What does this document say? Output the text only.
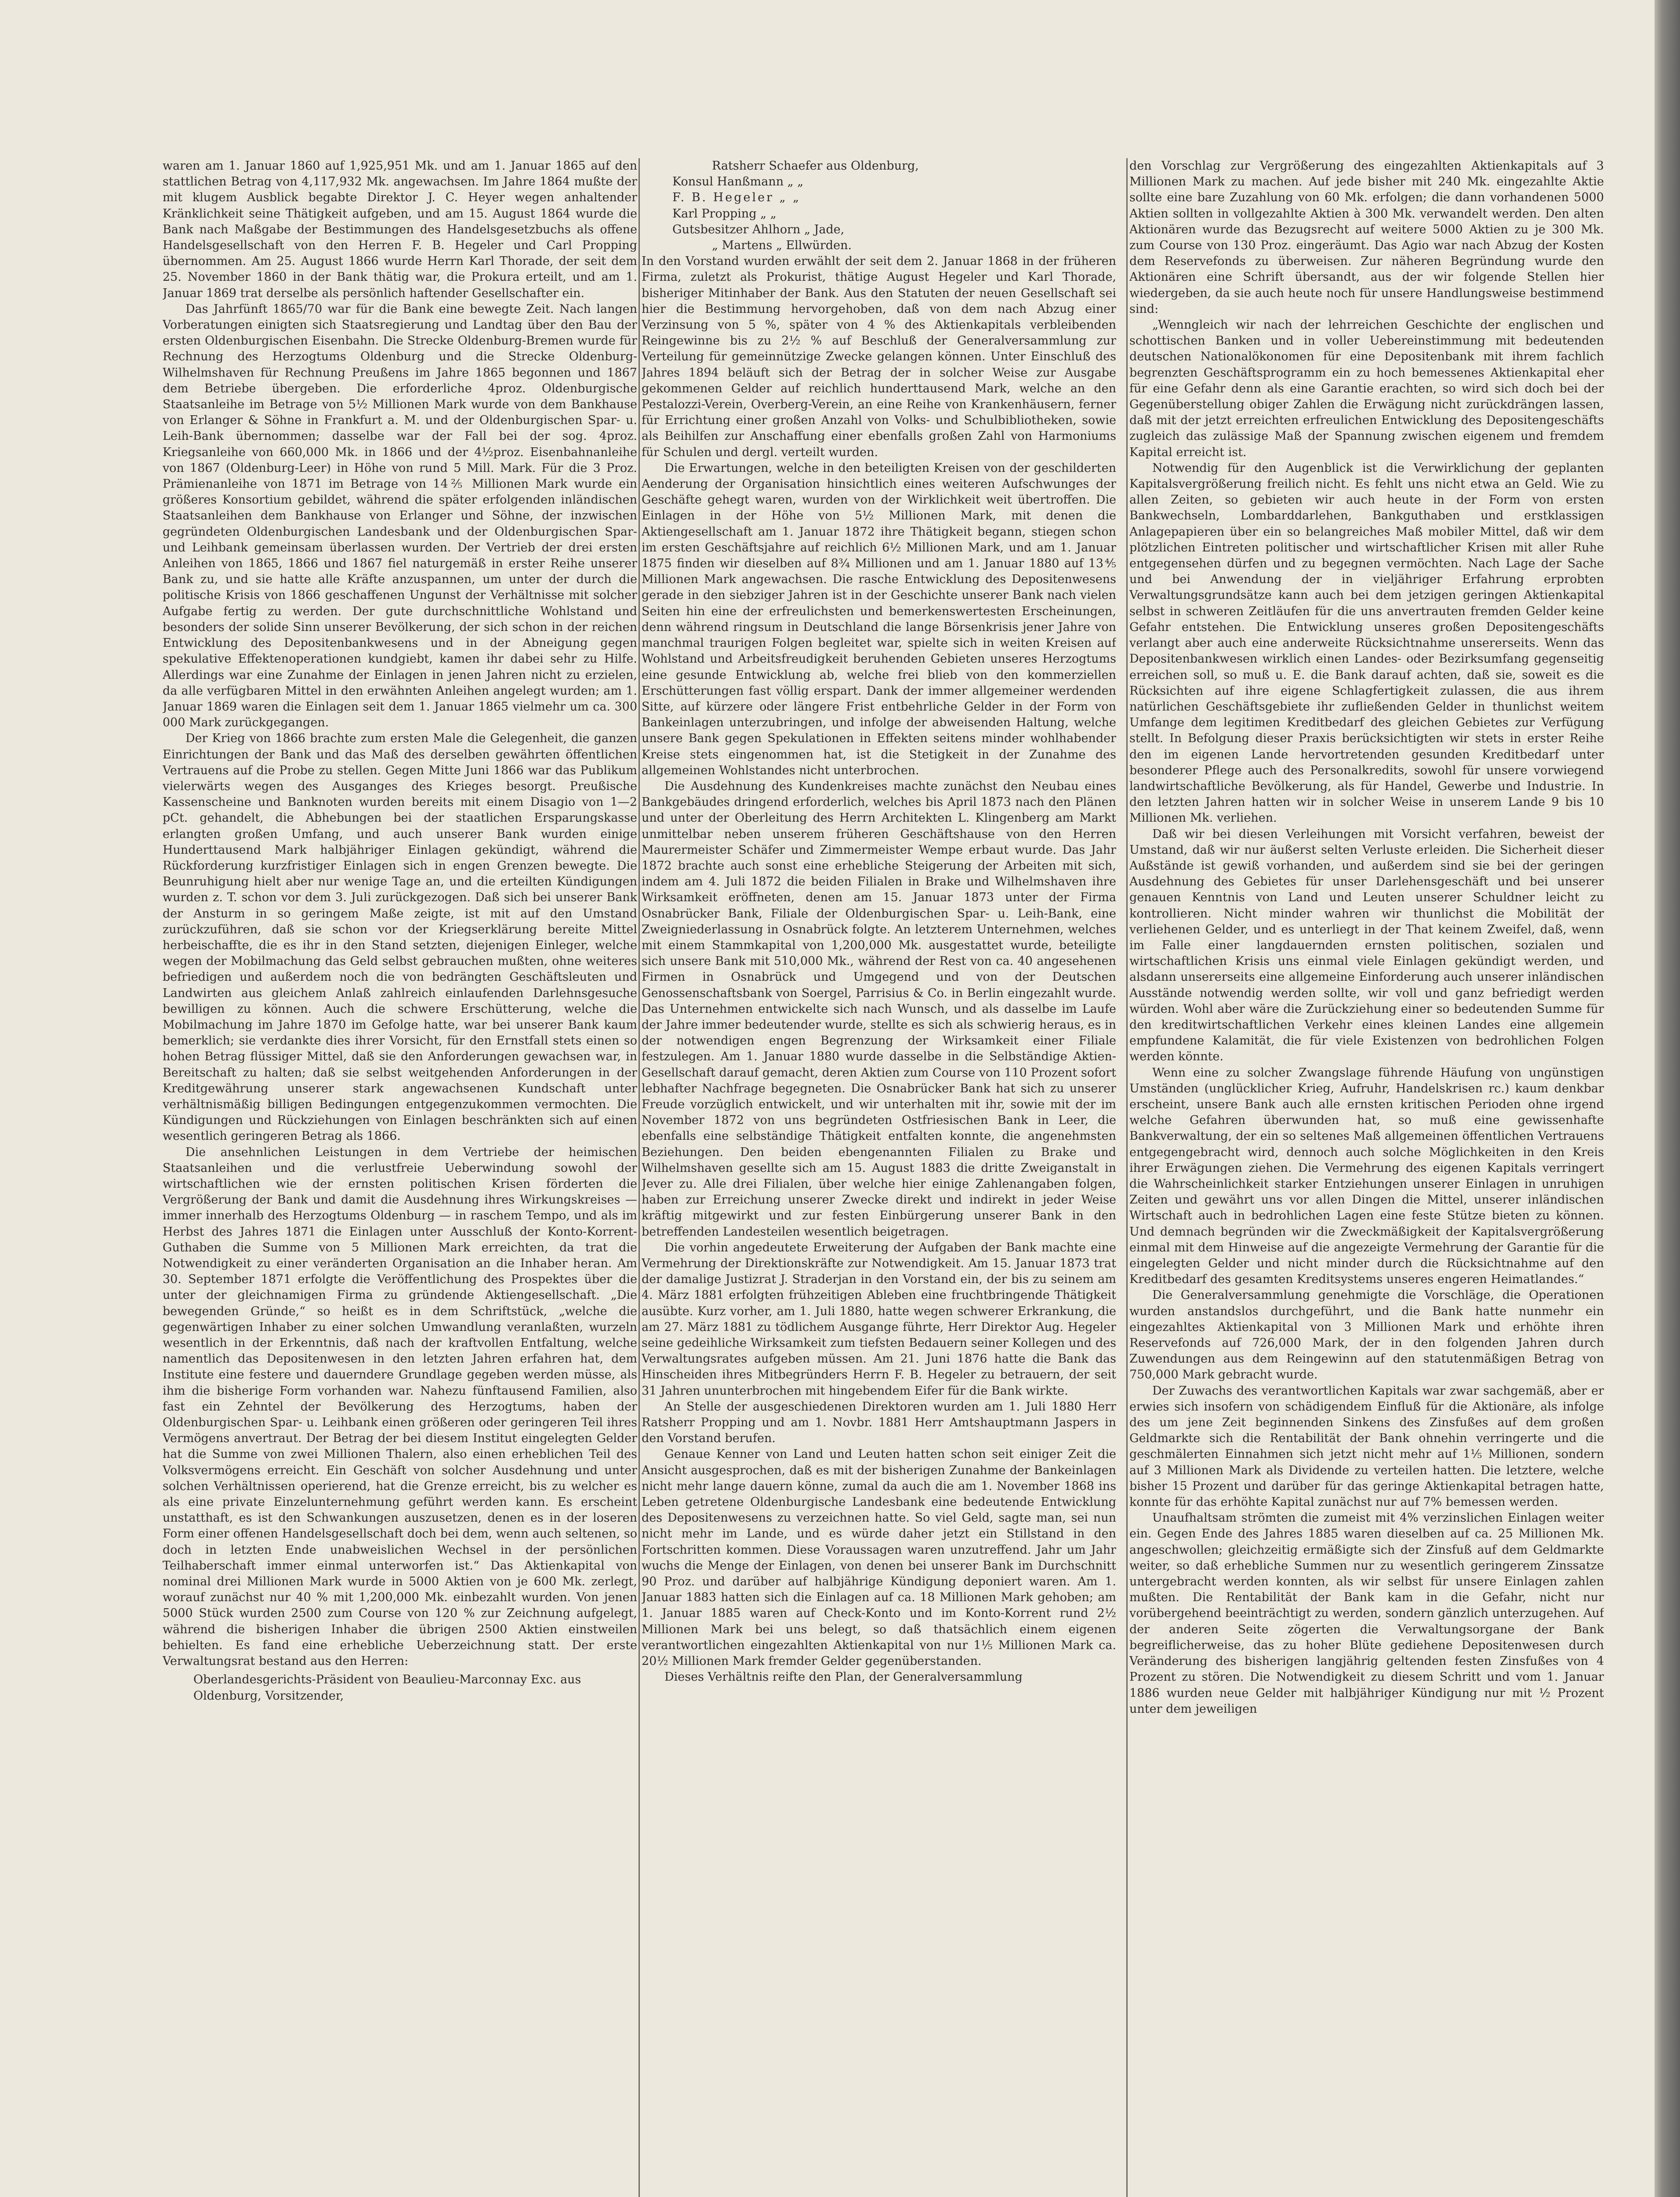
waren am 1. Januar 1860 auf 1,925,951 Mk. und am 1. Januar 1865 auf den stattlichen Betrag von 4,117,932 Mk. angewachsen. Im Jahre 1864 mußte der mit klugem Ausblick begabte Direktor J. C. Heyer wegen anhaltender Kränklichkeit seine Thätigkeit aufgeben, und am 15. August 1864 wurde die Bank nach Maßgabe der Bestimmungen des Handelsgesetzbuchs als offene Handelsgesellschaft von den Herren F. B. Hegeler und Carl Propping übernommen. Am 25. August 1866 wurde Herrn Karl Thorade, der seit dem 25. November 1860 in der Bank thätig war, die Prokura erteilt, und am 1. Januar 1869 trat derselbe als persönlich haftender Gesellschafter ein.

Das Jahrfünft 1865/70 war für die Bank eine bewegte Zeit. Nach langen Vorberatungen einigten sich Staatsregierung und Landtag über den Bau der ersten Oldenburgischen Eisenbahn. Die Strecke Oldenburg-Bremen wurde für Rechnung des Herzogtums Oldenburg und die Strecke Oldenburg-Wilhelmshaven für Rechnung Preußens im Jahre 1865 begonnen und 1867 dem Betriebe übergeben. Die erforderliche 4proz. Oldenburgische Staatsanleihe im Betrage von 5½ Millionen Mark wurde von dem Bankhause von Erlanger & Söhne in Frankfurt a. M. und der Oldenburgischen Spar- u. Leih-Bank übernommen; dasselbe war der Fall bei der sog. 4proz. Kriegsanleihe von 660,000 Mk. in 1866 und der 4½proz. Eisenbahnanleihe von 1867 (Oldenburg-Leer) in Höhe von rund 5 Mill. Mark. Für die 3 Proz. Prämienanleihe von 1871 im Betrage von 14⅖ Millionen Mark wurde ein größeres Konsortium gebildet, während die später erfolgenden inländischen Staatsanleihen dem Bankhause von Erlanger und Söhne, der inzwischen gegründeten Oldenburgischen Landesbank und der Oldenburgischen Spar- und Leihbank gemeinsam überlassen wurden. Der Vertrieb der drei ersten Anleihen von 1865, 1866 und 1867 fiel naturgemäß in erster Reihe unserer Bank zu, und sie hatte alle Kräfte anzuspannen, um unter der durch die politische Krisis von 1866 geschaffenen Ungunst der Verhältnisse mit solcher Aufgabe fertig zu werden. Der gute durchschnittliche Wohlstand und besonders der solide Sinn unserer Bevölkerung, der sich schon in der reichen Entwicklung des Depositenbankwesens und in der Abneigung gegen spekulative Effektenoperationen kundgiebt, kamen ihr dabei sehr zu Hilfe. Allerdings war eine Zunahme der Einlagen in jenen Jahren nicht zu erzielen, da alle verfügbaren Mittel in den erwähnten Anleihen angelegt wurden; am 1. Januar 1869 waren die Einlagen seit dem 1. Januar 1865 vielmehr um ca. 300 000 Mark zurückgegangen.

Der Krieg von 1866 brachte zum ersten Male die Gelegenheit, die ganzen Einrichtungen der Bank und das Maß des derselben gewährten öffentlichen Vertrauens auf die Probe zu stellen. Gegen Mitte Juni 1866 war das Publikum vielerwärts wegen des Ausganges des Krieges besorgt. Preußische Kassenscheine und Banknoten wurden bereits mit einem Disagio von 1—2 pCt. gehandelt, die Abhebungen bei der staatlichen Ersparungskasse erlangten großen Umfang, und auch unserer Bank wurden einige Hunderttausend Mark halbjähriger Einlagen gekündigt, während die Rückforderung kurzfristiger Einlagen sich in engen Grenzen bewegte. Die Beunruhigung hielt aber nur wenige Tage an, und die erteilten Kündigungen wurden z. T. schon vor dem 3. Juli zurückgezogen. Daß sich bei unserer Bank der Ansturm in so geringem Maße zeigte, ist mit auf den Umstand zurückzuführen, daß sie schon vor der Kriegserklärung bereite Mittel herbeischaffte, die es ihr in den Stand setzten, diejenigen Einleger, welche wegen der Mobilmachung das Geld selbst gebrauchen mußten, ohne weiteres befriedigen und außerdem noch die von bedrängten Geschäftsleuten und Landwirten aus gleichem Anlaß zahlreich einlaufenden Darlehnsgesuche bewilligen zu können. Auch die schwere Erschütterung, welche die Mobilmachung im Jahre 1870 im Gefolge hatte, war bei unserer Bank kaum bemerklich; sie verdankte dies ihrer Vorsicht, für den Ernstfall stets einen so hohen Betrag flüssiger Mittel, daß sie den Anforderungen gewachsen war, in Bereitschaft zu halten; daß sie selbst weitgehenden Anforderungen in der Kreditgewährung unserer stark angewachsenen Kundschaft unter verhältnismäßig billigen Bedingungen entgegenzukommen vermochten. Die Kündigungen und Rückziehungen von Einlagen beschränkten sich auf einen wesentlich geringeren Betrag als 1866.

Die ansehnlichen Leistungen in dem Vertriebe der heimischen Staatsanleihen und die verlustfreie Ueberwindung sowohl der wirtschaftlichen wie der ernsten politischen Krisen förderten die Vergrößerung der Bank und damit die Ausdehnung ihres Wirkungskreises — immer innerhalb des Herzogtums Oldenburg — in raschem Tempo, und als im Herbst des Jahres 1871 die Einlagen unter Ausschluß der Konto-Korrent-Guthaben die Summe von 5 Millionen Mark erreichten, da trat die Notwendigkeit zu einer veränderten Organisation an die Inhaber heran. Am 30. September 1871 erfolgte die Veröffentlichung des Prospektes über die unter der gleichnamigen Firma zu gründende Aktiengesellschaft. „Die bewegenden Gründe,“ so heißt es in dem Schriftstück, „welche die gegenwärtigen Inhaber zu einer solchen Umwandlung veranlaßten, wurzeln wesentlich in der Erkenntnis, daß nach der kraftvollen Entfaltung, welche namentlich das Depositenwesen in den letzten Jahren erfahren hat, dem Institute eine festere und dauerndere Grundlage gegeben werden müsse, als ihm die bisherige Form vorhanden war. Nahezu fünftausend Familien, also fast ein Zehntel der Bevölkerung des Herzogtums, haben der Oldenburgischen Spar- u. Leihbank einen größeren oder geringeren Teil ihres Vermögens anvertraut. Der Betrag der bei diesem Institut eingelegten Gelder hat die Summe von zwei Millionen Thalern, also einen erheblichen Teil des Volksvermögens erreicht. Ein Geschäft von solcher Ausdehnung und unter solchen Verhältnissen operierend, hat die Grenze erreicht, bis zu welcher es als eine private Einzelunternehmung geführt werden kann. Es erscheint unstatthaft, es ist den Schwankungen auszusetzen, denen es in der loseren Form einer offenen Handelsgesellschaft doch bei dem, wenn auch seltenen, so doch in letzten Ende unabweislichen Wechsel in der persönlichen Teilhaberschaft immer einmal unterworfen ist.“ Das Aktienkapital von nominal drei Millionen Mark wurde in 5000 Aktien von je 600 Mk. zerlegt, worauf zunächst nur 40 % mit 1,200,000 Mk. einbezahlt wurden. Von jenen 5000 Stück wurden 2500 zum Course von 120 % zur Zeichnung aufgelegt, während die bisherigen Inhaber die übrigen 2500 Aktien einstweilen behielten. Es fand eine erhebliche Ueberzeichnung statt. Der erste Verwaltungsrat bestand aus den Herren:

Oberlandesgerichts-Präsident von Beaulieu-Marconnay Exc. aus Oldenburg, Vorsitzender,
Ratsherr Schaefer aus Oldenburg,
Konsul Hanßmann „ „
F. B. Hegeler „ „
Karl Propping „ „
Gutsbesitzer Ahlhorn „ Jade,
„ Martens „ Ellwürden.

In den Vorstand wurden erwählt der seit dem 2. Januar 1868 in der früheren Firma, zuletzt als Prokurist, thätige August Hegeler und Karl Thorade, bisheriger Mitinhaber der Bank. Aus den Statuten der neuen Gesellschaft sei hier die Bestimmung hervorgehoben, daß von dem nach Abzug einer Verzinsung von 5 %, später von 4 % des Aktienkapitals verbleibenden Reingewinne bis zu 2½ % auf Beschluß der Generalversammlung zur Verteilung für gemeinnützige Zwecke gelangen können. Unter Einschluß des Jahres 1894 beläuft sich der Betrag der in solcher Weise zur Ausgabe gekommenen Gelder auf reichlich hunderttausend Mark, welche an den Pestalozzi-Verein, Overberg-Verein, an eine Reihe von Krankenhäusern, ferner für Errichtung einer großen Anzahl von Volks- und Schulbibliotheken, sowie als Beihilfen zur Anschaffung einer ebenfalls großen Zahl von Harmoniums für Schulen und dergl. verteilt wurden.

Die Erwartungen, welche in den beteiligten Kreisen von der geschilderten Aenderung der Organisation hinsichtlich eines weiteren Aufschwunges der Geschäfte gehegt waren, wurden von der Wirklichkeit weit übertroffen. Die Einlagen in der Höhe von 5½ Millionen Mark, mit denen die Aktiengesellschaft am 1. Januar 1872 ihre Thätigkeit begann, stiegen schon im ersten Geschäftsjahre auf reichlich 6½ Millionen Mark, und am 1. Januar 1875 finden wir dieselben auf 8¾ Millionen und am 1. Januar 1880 auf 13⅘ Millionen Mark angewachsen. Die rasche Entwicklung des Depositenwesens gerade in den siebziger Jahren ist in der Geschichte unserer Bank nach vielen Seiten hin eine der erfreulichsten und bemerkenswertesten Erscheinungen, denn während ringsum in Deutschland die lange Börsenkrisis jener Jahre von manchmal traurigen Folgen begleitet war, spielte sich in weiten Kreisen auf Wohlstand und Arbeitsfreudigkeit beruhenden Gebieten unseres Herzogtums eine gesunde Entwicklung ab, welche frei blieb von den kommerziellen Erschütterungen fast völlig erspart. Dank der immer allgemeiner werdenden Sitte, auf kürzere oder längere Frist entbehrliche Gelder in der Form von Bankeinlagen unterzubringen, und infolge der abweisenden Haltung, welche unsere Bank gegen Spekulationen in Effekten seitens minder wohlhabender Kreise stets eingenommen hat, ist die Stetigkeit in der Zunahme des allgemeinen Wohlstandes nicht unterbrochen.

Die Ausdehnung des Kundenkreises machte zunächst den Neubau eines Bankgebäudes dringend erforderlich, welches bis April 1873 nach den Plänen und unter der Oberleitung des Herrn Architekten L. Klingenberg am Markt unmittelbar neben unserem früheren Geschäftshause von den Herren Maurermeister Schäfer und Zimmermeister Wempe erbaut wurde. Das Jahr 1872 brachte auch sonst eine erhebliche Steigerung der Arbeiten mit sich, indem am 4. Juli 1872 die beiden Filialen in Brake und Wilhelmshaven ihre Wirksamkeit eröffneten, denen am 15. Januar 1873 unter der Firma Osnabrücker Bank, Filiale der Oldenburgischen Spar- u. Leih-Bank, eine Zweigniederlassung in Osnabrück folgte. An letzterem Unternehmen, welches mit einem Stammkapital von 1,200,000 Mk. ausgestattet wurde, beteiligte sich unsere Bank mit 510,000 Mk., während der Rest von ca. 40 angesehenen Firmen in Osnabrück und Umgegend und von der Deutschen Genossenschaftsbank von Soergel, Parrisius & Co. in Berlin eingezahlt wurde. Das Unternehmen entwickelte sich nach Wunsch, und als dasselbe im Laufe der Jahre immer bedeutender wurde, stellte es sich als schwierig heraus, es in der notwendigen engen Begrenzung der Wirksamkeit einer Filiale festzulegen. Am 1. Januar 1880 wurde dasselbe in die Selbständige Aktien-Gesellschaft darauf gemacht, deren Aktien zum Course von 110 Prozent sofort lebhafter Nachfrage begegneten. Die Osnabrücker Bank hat sich zu unserer Freude vorzüglich entwickelt, und wir unterhalten mit ihr, sowie mit der im November 1872 von uns begründeten Ostfriesischen Bank in Leer, die ebenfalls eine selbständige Thätigkeit entfalten konnte, die angenehmsten Beziehungen. Den beiden ebengenannten Filialen zu Brake und Wilhelmshaven gesellte sich am 15. August 1883 die dritte Zweiganstalt in Jever zu. Alle drei Filialen, über welche hier einige Zahlenangaben folgen, haben zur Erreichung unserer Zwecke direkt und indirekt in jeder Weise kräftig mitgewirkt und zur festen Einbürgerung unserer Bank in den betreffenden Landesteilen wesentlich beigetragen.

Die vorhin angedeutete Erweiterung der Aufgaben der Bank machte eine Vermehrung der Direktionskräfte zur Notwendigkeit. Am 15. Januar 1873 trat der damalige Justizrat J. Straderjan in den Vorstand ein, der bis zu seinem am 4. März 1881 erfolgten frühzeitigen Ableben eine fruchtbringende Thätigkeit ausübte. Kurz vorher, am 1. Juli 1880, hatte wegen schwerer Erkrankung, die am 27. März 1881 zu tödlichem Ausgange führte, Herr Direktor Aug. Hegeler seine gedeihliche Wirksamkeit zum tiefsten Bedauern seiner Kollegen und des Verwaltungsrates aufgeben müssen. Am 21. Juni 1876 hatte die Bank das Hinscheiden ihres Mitbegründers Herrn F. B. Hegeler zu betrauern, der seit 31 Jahren ununterbrochen mit hingebendem Eifer für die Bank wirkte.

An Stelle der ausgeschiedenen Direktoren wurden am 1. Juli 1880 Herr Ratsherr Propping und am 1. Novbr. 1881 Herr Amtshauptmann Jaspers in den Vorstand berufen.

Genaue Kenner von Land und Leuten hatten schon seit einiger Zeit die Ansicht ausgesprochen, daß es mit der bisherigen Zunahme der Bankeinlagen nicht mehr lange dauern könne, zumal da auch die am 1. November 1868 ins Leben getretene Oldenburgische Landesbank eine bedeutende Entwicklung des Depositenwesens zu verzeichnen hatte. So viel Geld, sagte man, sei nun nicht mehr im Lande, und es würde daher jetzt ein Stillstand in den Fortschritten kommen. Diese Voraussagen waren unzutreffend. Jahr um Jahr wuchs die Menge der Einlagen, von denen bei unserer Bank im Durchschnitt 90 Proz. und darüber auf halbjährige Kündigung deponiert waren. Am 1. Januar 1883 hatten sich die Einlagen auf ca. 18 Millionen Mark gehoben; am 1. Januar 1885 waren auf Check-Konto und im Konto-Korrent rund 2½ Millionen Mark bei uns belegt, so daß thatsächlich einem eigenen verantwortlichen eingezahlten Aktienkapital von nur 1⅕ Millionen Mark ca. 20½ Millionen Mark fremder Gelder gegenüberstanden.

Dieses Verhältnis reifte den Plan, der Generalversammlung

den Vorschlag zur Vergrößerung des eingezahlten Aktienkapitals auf 3 Millionen Mark zu machen. Auf jede bisher mit 240 Mk. eingezahlte Aktie sollte eine bare Zuzahlung von 60 Mk. erfolgen; die dann vorhandenen 5000 Aktien sollten in vollgezahlte Aktien à 300 Mk. verwandelt werden. Den alten Aktionären wurde das Bezugsrecht auf weitere 5000 Aktien zu je 300 Mk. zum Course von 130 Proz. eingeräumt. Das Agio war nach Abzug der Kosten dem Reservefonds zu überweisen. Zur näheren Begründung wurde den Aktionären eine Schrift übersandt, aus der wir folgende Stellen hier wiedergeben, da sie auch heute noch für unsere Handlungsweise bestimmend sind:

„Wenngleich wir nach der lehrreichen Geschichte der englischen und schottischen Banken und in voller Uebereinstimmung mit bedeutenden deutschen Nationalökonomen für eine Depositenbank mit ihrem fachlich begrenzten Geschäftsprogramm ein zu hoch bemessenes Aktienkapital eher für eine Gefahr denn als eine Garantie erachten, so wird sich doch bei der Gegenüberstellung obiger Zahlen die Erwägung nicht zurückdrängen lassen, daß mit der jetzt erreichten erfreulichen Entwicklung des Depositengeschäfts zugleich das zulässige Maß der Spannung zwischen eigenem und fremdem Kapital erreicht ist.

Notwendig für den Augenblick ist die Verwirklichung der geplanten Kapitalsvergrößerung freilich nicht. Es fehlt uns nicht etwa an Geld. Wie zu allen Zeiten, so gebieten wir auch heute in der Form von ersten Bankwechseln, Lombarddarlehen, Bankguthaben und erstklassigen Anlagepapieren über ein so belangreiches Maß mobiler Mittel, daß wir dem plötzlichen Eintreten politischer und wirtschaftlicher Krisen mit aller Ruhe entgegensehen dürfen und zu begegnen vermöchten. Nach Lage der Sache und bei Anwendung der in vieljähriger Erfahrung erprobten Verwaltungsgrundsätze kann auch bei dem jetzigen geringen Aktienkapital selbst in schweren Zeitläufen für die uns anvertrauten fremden Gelder keine Gefahr entstehen. Die Entwicklung unseres großen Depositengeschäfts verlangt aber auch eine anderweite Rücksichtnahme unsererseits. Wenn das Depositenbankwesen wirklich einen Landes- oder Bezirksumfang gegenseitig erreichen soll, so muß u. E. die Bank darauf achten, daß sie, soweit es die Rücksichten auf ihre eigene Schlagfertigkeit zulassen, die aus ihrem natürlichen Geschäftsgebiete ihr zufließenden Gelder in thunlichst weitem Umfange dem legitimen Kreditbedarf des gleichen Gebietes zur Verfügung stellt. In Befolgung dieser Praxis berücksichtigten wir stets in erster Reihe den im eigenen Lande hervortretenden gesunden Kreditbedarf unter besonderer Pflege auch des Personalkredits, sowohl für unsere vorwiegend landwirtschaftliche Bevölkerung, als für Handel, Gewerbe und Industrie. In den letzten Jahren hatten wir in solcher Weise in unserem Lande 9 bis 10 Millionen Mk. verliehen.

Daß wir bei diesen Verleihungen mit Vorsicht verfahren, beweist der Umstand, daß wir nur äußerst selten Verluste erleiden. Die Sicherheit dieser Außstände ist gewiß vorhanden, und außerdem sind sie bei der geringen Ausdehnung des Gebietes für unser Darlehensgeschäft und bei unserer genauen Kenntnis von Land und Leuten unserer Schuldner leicht zu kontrollieren. Nicht minder wahren wir thunlichst die Mobilität der verliehenen Gelder, und es unterliegt in der That keinem Zweifel, daß, wenn im Falle einer langdauernden ernsten politischen, sozialen und wirtschaftlichen Krisis uns einmal viele Einlagen gekündigt werden, und alsdann unsererseits eine allgemeine Einforderung auch unserer inländischen Ausstände notwendig werden sollte, wir voll und ganz befriedigt werden würden. Wohl aber wäre die Zurückziehung einer so bedeutenden Summe für den kreditwirtschaftlichen Verkehr eines kleinen Landes eine allgemein empfundene Kalamität, die für viele Existenzen von bedrohlichen Folgen werden könnte.

Wenn eine zu solcher Zwangslage führende Häufung von ungünstigen Umständen (unglücklicher Krieg, Aufruhr, Handelskrisen rc.) kaum denkbar erscheint, unsere Bank auch alle ernsten kritischen Perioden ohne irgend welche Gefahren überwunden hat, so muß eine gewissenhafte Bankverwaltung, der ein so seltenes Maß allgemeinen öffentlichen Vertrauens entgegengebracht wird, dennoch auch solche Möglichkeiten in den Kreis ihrer Erwägungen ziehen. Die Vermehrung des eigenen Kapitals verringert die Wahrscheinlichkeit starker Entziehungen unserer Einlagen in unruhigen Zeiten und gewährt uns vor allen Dingen die Mittel, unserer inländischen Wirtschaft auch in bedrohlichen Lagen eine feste Stütze bieten zu können. Und demnach begründen wir die Zweckmäßigkeit der Kapitalsvergrößerung einmal mit dem Hinweise auf die angezeigte Vermehrung der Garantie für die eingelegten Gelder und nicht minder durch die Rücksichtnahme auf den Kreditbedarf des gesamten Kreditsystems unseres engeren Heimatlandes.“

Die Generalversammlung genehmigte die Vorschläge, die Operationen wurden anstandslos durchgeführt, und die Bank hatte nunmehr ein eingezahltes Aktienkapital von 3 Millionen Mark und erhöhte ihren Reservefonds auf 726,000 Mark, der in den folgenden Jahren durch Zuwendungen aus dem Reingewinn auf den statutenmäßigen Betrag von 750,000 Mark gebracht wurde.

Der Zuwachs des verantwortlichen Kapitals war zwar sachgemäß, aber er erwies sich insofern von schädigendem Einfluß für die Aktionäre, als infolge des um jene Zeit beginnenden Sinkens des Zinsfußes auf dem großen Geldmarkte sich die Rentabilität der Bank ohnehin verringerte und die geschmälerten Einnahmen sich jetzt nicht mehr auf 1⅕ Millionen, sondern auf 3 Millionen Mark als Dividende zu verteilen hatten. Die letztere, welche bisher 15 Prozent und darüber für das geringe Aktienkapital betragen hatte, konnte für das erhöhte Kapital zunächst nur auf 7% bemessen werden.

Unaufhaltsam strömten die zumeist mit 4% verzinslichen Einlagen weiter ein. Gegen Ende des Jahres 1885 waren dieselben auf ca. 25 Millionen Mk. angeschwollen; gleichzeitig ermäßigte sich der Zinsfuß auf dem Geldmarkte weiter, so daß erhebliche Summen nur zu wesentlich geringerem Zinssatze untergebracht werden konnten, als wir selbst für unsere Einlagen zahlen mußten. Die Rentabilität der Bank kam in die Gefahr, nicht nur vorübergehend beeinträchtigt zu werden, sondern gänzlich unterzugehen. Auf der anderen Seite zögerten die Verwaltungsorgane der Bank begreiflicherweise, das zu hoher Blüte gediehene Depositenwesen durch Veränderung des bisherigen langjährig geltenden festen Zinsfußes von 4 Prozent zu stören. Die Notwendigkeit zu diesem Schritt und vom 1. Januar 1886 wurden neue Gelder mit halbjähriger Kündigung nur mit ½ Prozent unter dem jeweiligen
